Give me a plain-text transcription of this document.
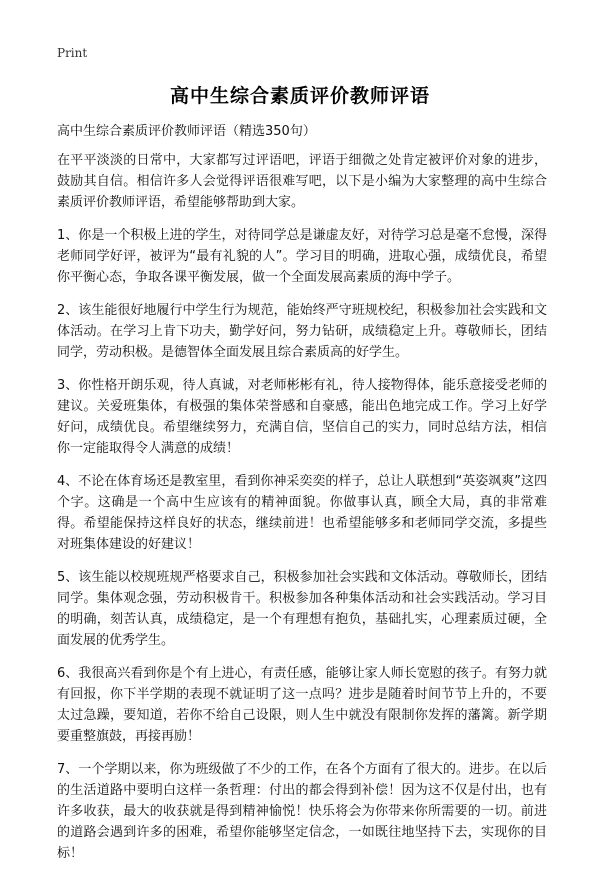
Print
高中生综合素质评价教师评语

高中生综合素质评价教师评语（精选350句）

在平平淡淡的日常中，大家都写过评语吧，评语于细微之处肯定被评价对象的进步，鼓励其自信。相信许多人会觉得评语很难写吧，以下是小编为大家整理的高中生综合素质评价教师评语，希望能够帮助到大家。

1、你是一个积极上进的学生，对待同学总是谦虚友好，对待学习总是毫不怠慢，深得老师同学好评，被评为“最有礼貌的人”。学习目的明确，进取心强，成绩优良，希望你平衡心态，争取各课平衡发展，做一个全面发展高素质的海中学子。

2、该生能很好地履行中学生行为规范，能始终严守班规校纪，积极参加社会实践和文体活动。在学习上肯下功夫，勤学好问，努力钻研，成绩稳定上升。尊敬师长，团结同学，劳动积极。是德智体全面发展且综合素质高的好学生。

3、你性格开朗乐观，待人真诚，对老师彬彬有礼，待人接物得体，能乐意接受老师的建议。关爱班集体，有极强的集体荣誉感和自豪感，能出色地完成工作。学习上好学好问，成绩优良。希望继续努力，充满自信，坚信自己的实力，同时总结方法，相信你一定能取得令人满意的成绩！

4、不论在体育场还是教室里，看到你神采奕奕的样子，总让人联想到“英姿飒爽”这四个字。这确是一个高中生应该有的精神面貌。你做事认真，顾全大局，真的非常难得。希望能保持这样良好的状态，继续前进！也希望能够多和老师同学交流，多提些对班集体建设的好建议！

5、该生能以校规班规严格要求自己，积极参加社会实践和文体活动。尊敬师长，团结同学。集体观念强，劳动积极肯干。积极参加各种集体活动和社会实践活动。学习目的明确，刻苦认真，成绩稳定，是一个有理想有抱负，基础扎实，心理素质过硬，全面发展的优秀学生。

6、我很高兴看到你是个有上进心，有责任感，能够让家人师长宽慰的孩子。有努力就有回报，你下半学期的表现不就证明了这一点吗？进步是随着时间节节上升的，不要太过急躁，要知道，若你不给自己设限，则人生中就没有限制你发挥的藩篱。新学期要重整旗鼓，再接再励！

7、一个学期以来，你为班级做了不少的工作，在各个方面有了很大的。进步。在以后的生活道路中要明白这样一条哲理：付出的都会得到补偿！因为这不仅是付出，也有许多收获，最大的收获就是得到精神愉悦！快乐将会为你带来你所需要的一切。前进的道路会遇到许多的困难，希望你能够坚定信念，一如既往地坚持下去，实现你的目标！
